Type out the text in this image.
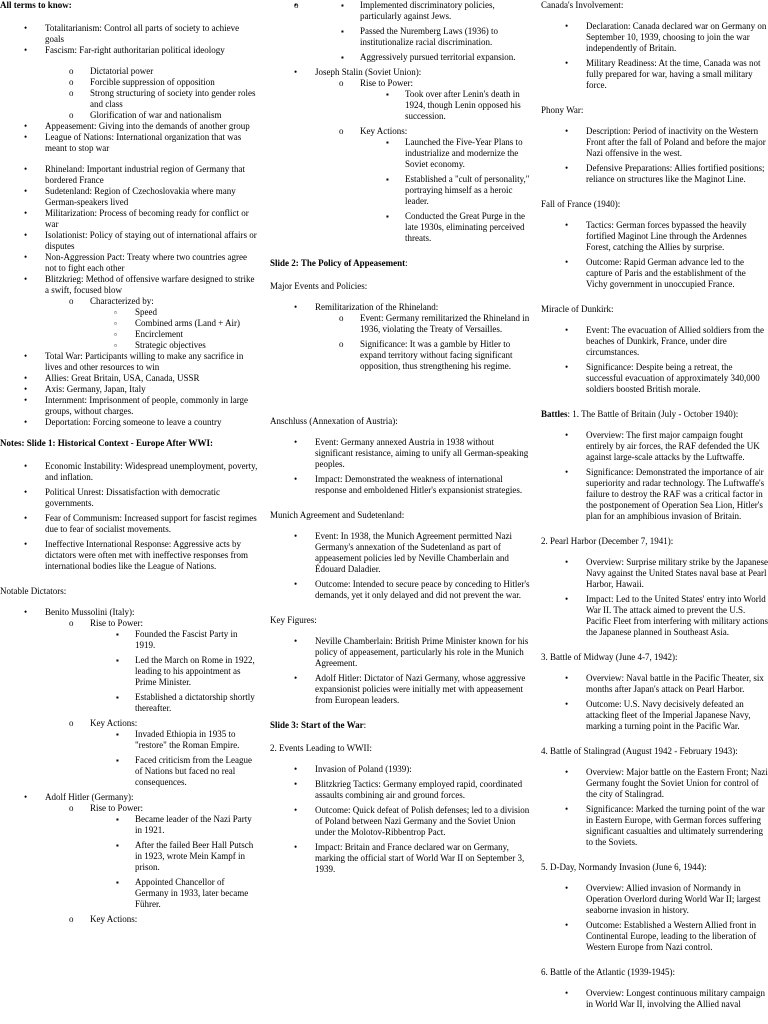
All terms to know:

• Totalitarianism: Control all parts of society to achieve goals
• Fascism: Far-right authoritarian political ideology
o Dictatorial power
o Forcible suppression of opposition
o Strong structuring of society into gender roles and class
o Glorification of war and nationalism
• Appeasement: Giving into the demands of another group
• League of Nations: International organization that was meant to stop war
• Rhineland: Important industrial region of Germany that bordered France
• Sudetenland: Region of Czechoslovakia where many German-speakers lived
• Militarization: Process of becoming ready for conflict or war
• Isolationist: Policy of staying out of international affairs or disputes
• Non-Aggression Pact: Treaty where two countries agree not to fight each other
• Blitzkrieg: Method of offensive warfare designed to strike a swift, focused blow
o Characterized by:
▫ Speed
▫ Combined arms (Land + Air)
▫ Encirclement
▫ Strategic objectives
• Total War: Participants willing to make any sacrifice in lives and other resources to win
• Allies: Great Britain, USA, Canada, USSR
• Axis: Germany, Japan, Italy
• Internment: Imprisonment of people, commonly in large groups, without charges.
• Deportation: Forcing someone to leave a country

Notes: Slide 1: Historical Context - Europe After WWI:

• Economic Instability: Widespread unemployment, poverty, and inflation.
• Political Unrest: Dissatisfaction with democratic governments.
• Fear of Communism: Increased support for fascist regimes due to fear of socialist movements.
• Ineffective International Response: Aggressive acts by dictators were often met with ineffective responses from international bodies like the League of Nations.

Notable Dictators:

• Benito Mussolini (Italy):
o Rise to Power:
▪ Founded the Fascist Party in 1919.
▪ Led the March on Rome in 1922, leading to his appointment as Prime Minister.
▪ Established a dictatorship shortly thereafter.
o Key Actions:
▪ Invaded Ethiopia in 1935 to "restore" the Roman Empire.
▪ Faced criticism from the League of Nations but faced no real consequences.
• Adolf Hitler (Germany):
o Rise to Power:
▪ Became leader of the Nazi Party in 1921.
▪ After the failed Beer Hall Putsch in 1923, wrote Mein Kampf in prison.
▪ Appointed Chancellor of Germany in 1933, later became Führer.
o Key Actions:
▪ o • Implemented discriminatory policies, particularly against Jews.
▪ Passed the Nuremberg Laws (1936) to institutionalize racial discrimination.
▪ Aggressively pursued territorial expansion.
• Joseph Stalin (Soviet Union):
o Rise to Power:
▪ Took over after Lenin's death in 1924, though Lenin opposed his succession.
o Key Actions:
▪ Launched the Five-Year Plans to industrialize and modernize the Soviet economy.
▪ Established a "cult of personality," portraying himself as a heroic leader.
▪ Conducted the Great Purge in the late 1930s, eliminating perceived threats.

Slide 2: The Policy of Appeasement:

Major Events and Policies:

• Remilitarization of the Rhineland:
o Event: Germany remilitarized the Rhineland in 1936, violating the Treaty of Versailles.
o Significance: It was a gamble by Hitler to expand territory without facing significant opposition, thus strengthening his regime.

Anschluss (Annexation of Austria):

• Event: Germany annexed Austria in 1938 without significant resistance, aiming to unify all German-speaking peoples.
• Impact: Demonstrated the weakness of international response and emboldened Hitler's expansionist strategies.

Munich Agreement and Sudetenland:

• Event: In 1938, the Munich Agreement permitted Nazi Germany's annexation of the Sudetenland as part of appeasement policies led by Neville Chamberlain and Édouard Daladier.
• Outcome: Intended to secure peace by conceding to Hitler's demands, yet it only delayed and did not prevent the war.

Key Figures:

• Neville Chamberlain: British Prime Minister known for his policy of appeasement, particularly his role in the Munich Agreement.
• Adolf Hitler: Dictator of Nazi Germany, whose aggressive expansionist policies were initially met with appeasement from European leaders.

Slide 3: Start of the War:

2. Events Leading to WWII:

• Invasion of Poland (1939):
• Blitzkrieg Tactics: Germany employed rapid, coordinated assaults combining air and ground forces.
• Outcome: Quick defeat of Polish defenses; led to a division of Poland between Nazi Germany and the Soviet Union under the Molotov-Ribbentrop Pact.
• Impact: Britain and France declared war on Germany, marking the official start of World War II on September 3, 1939.

Canada's Involvement:

• Declaration: Canada declared war on Germany on September 10, 1939, choosing to join the war independently of Britain.
• Military Readiness: At the time, Canada was not fully prepared for war, having a small military force.

Phony War:

• Description: Period of inactivity on the Western Front after the fall of Poland and before the major Nazi offensive in the west.
• Defensive Preparations: Allies fortified positions; reliance on structures like the Maginot Line.

Fall of France (1940):

• Tactics: German forces bypassed the heavily fortified Maginot Line through the Ardennes Forest, catching the Allies by surprise.
• Outcome: Rapid German advance led to the capture of Paris and the establishment of the Vichy government in unoccupied France.

Miracle of Dunkirk:

• Event: The evacuation of Allied soldiers from the beaches of Dunkirk, France, under dire circumstances.
• Significance: Despite being a retreat, the successful evacuation of approximately 340,000 soldiers boosted British morale.

Battles: 1. The Battle of Britain (July - October 1940):

• Overview: The first major campaign fought entirely by air forces, the RAF defended the UK against large-scale attacks by the Luftwaffe.
• Significance: Demonstrated the importance of air superiority and radar technology. The Luftwaffe's failure to destroy the RAF was a critical factor in the postponement of Operation Sea Lion, Hitler's plan for an amphibious invasion of Britain.

2. Pearl Harbor (December 7, 1941):

• Overview: Surprise military strike by the Japanese Navy against the United States naval base at Pearl Harbor, Hawaii.
• Impact: Led to the United States' entry into World War II. The attack aimed to prevent the U.S. Pacific Fleet from interfering with military actions the Japanese planned in Southeast Asia.

3. Battle of Midway (June 4-7, 1942):

• Overview: Naval battle in the Pacific Theater, six months after Japan's attack on Pearl Harbor.
• Outcome: U.S. Navy decisively defeated an attacking fleet of the Imperial Japanese Navy, marking a turning point in the Pacific War.

4. Battle of Stalingrad (August 1942 - February 1943):

• Overview: Major battle on the Eastern Front; Nazi Germany fought the Soviet Union for control of the city of Stalingrad.
• Significance: Marked the turning point of the war in Eastern Europe, with German forces suffering significant casualties and ultimately surrendering to the Soviets.

5. D-Day, Normandy Invasion (June 6, 1944):

• Overview: Allied invasion of Normandy in Operation Overlord during World War II; largest seaborne invasion in history.
• Outcome: Established a Western Allied front in Continental Europe, leading to the liberation of Western Europe from Nazi control.

6. Battle of the Atlantic (1939-1945):

• Overview: Longest continuous military campaign in World War II, involving the Allied naval
